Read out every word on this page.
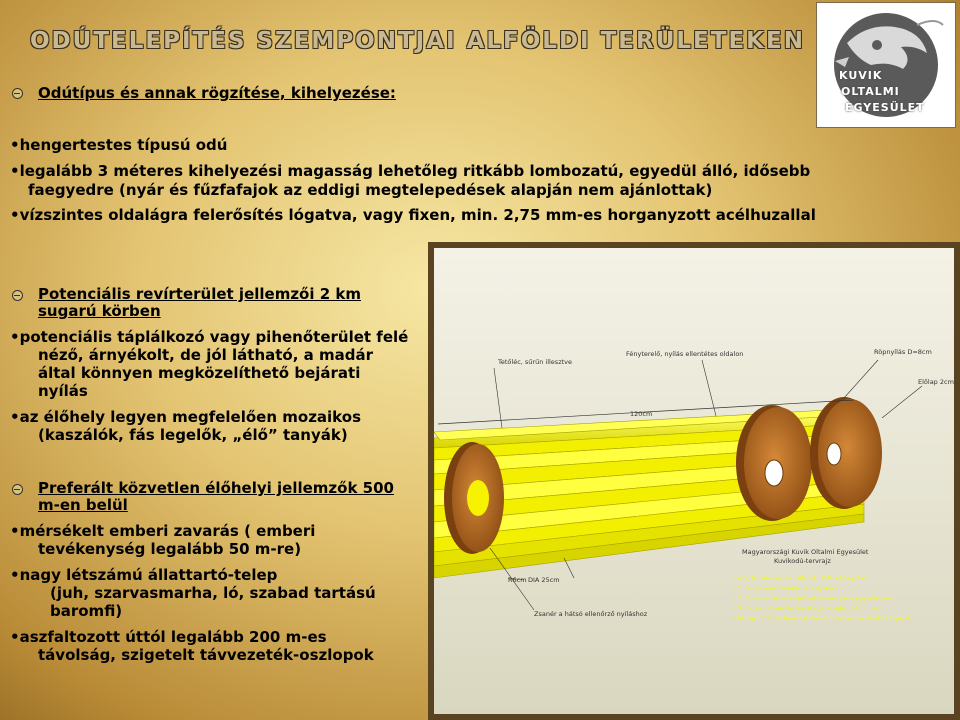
ODÚTELEPÍTÉS SZEMPONTJAI ALFÖLDI TERÜLETEKEN
KUVIK
OLTALMI
EGYESÜLET
Odútípus és annak rögzítése, kihelyezése:
•hengertestes típusú odú
•legalább 3 méteres kihelyezési magasság lehetőleg ritkább lombozatú, egyedül álló, idősebb
faegyedre (nyár és fűzfafajok az eddigi megtelepedések alapján nem ajánlottak)
•vízszintes oldalágra felerősítés lógatva, vagy fixen, min. 2,75 mm-es horganyzott acélhuzallal
Potenciális revírterület jellemzői 2 km
sugarú körben
•potenciális táplálkozó vagy pihenőterület felé
néző, árnyékolt, de jól látható, a madár
által könnyen megközelíthető bejárati
nyílás
•az élőhely legyen megfelelően mozaikos
(kaszálók, fás legelők, „élő” tanyák)
Preferált közvetlen élőhelyi jellemzők 500
m-en belül
•mérsékelt emberi zavarás ( emberi
tevékenység legalább 50 m-re)
•nagy létszámú állattartó-telep
(juh, szarvasmarha, ló, szabad tartású
baromfi)
•aszfaltozott úttól legalább 200 m-es
távolság, szigetelt távvezeték-oszlopok
Tetőléc, sűrűn illesztve
Fényterelő, nyílás ellentétes oldalon	Röpnyílás D=8cm
Előlap 2cm
120cm
R6cm DIA 25cm
Zsanér a hátsó ellenőrző nyíláshoz
Magyarországi Kuvik Oltalmi Egyesület
Kuvikodú-tervrajz
- elő-, fényterelő-, és hátlapok táblából fenyőből
- 1. festés sűrűn, tetőlécről, szigeteve
- 2. festés tetőlécre építőipari bitumenpapír egy rétegben
- 3. festés műszaki tartással egy rétegben, drótozva
- hátlapon 12 cm átmérőjű ellenőrző nyílás zsanérral és fogóval
